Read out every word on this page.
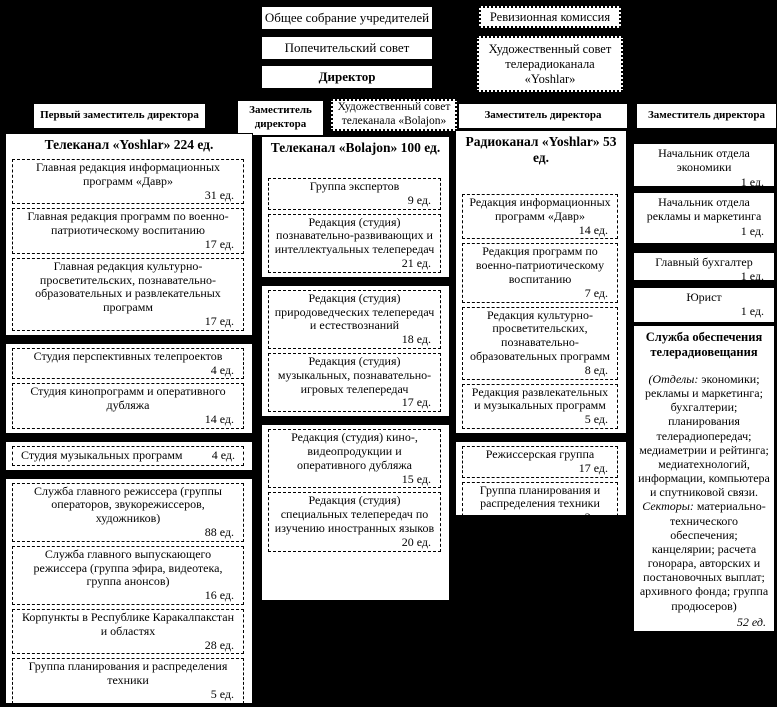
Общее собрание учредителей	Ревизионная комиссия
Попечительский совет	Художественный совет телерадиоканала «Yoshlar»
Директор
Первый заместитель директора	Заместитель директора
Художественный совет телеканала «Bolajon»	Заместитель директора	Заместитель директора
Телеканал «Yoshlar» 224 ед.
Главная редакция информационных программ «Давр»
31 ед.
Главная редакция программ по военно-патриотическому воспитанию
17 ед.
Главная редакция культурно-просветительских, познавательно-образовательных и развлекательных программ
17 ед.
Студия перспективных телепроектов
4 ед.
Студия кинопрограмм и оперативного дубляжа
14 ед.
Студия музыкальных программ 4 ед.
Служба главного режиссера (группы операторов, звукорежиссеров, художников)
88 ед.
Служба главного выпускающего режиссера (группа эфира, видеотека, группа анонсов)
16 ед.
Корпункты в Республике Каракалпакстан и областях
28 ед.
Группа планирования и распределения техники
5 ед.
Телеканал «Bolajon» 100 ед.
Группа экспертов
9 ед.
Редакция (студия) познавательно-развивающих и интеллектуальных телепередач
21 ед.
Редакция (студия) природоведческих телепередач и естествознаний
18 ед.
Редакция (студия) музыкальных, познавательно-игровых телепередач
17 ед.
Редакция (студия) кино-, видеопродукции и оперативного дубляжа
15 ед.
Редакция (студия) специальных телепередач по изучению иностранных языков
20 ед.
Радиоканал «Yoshlar» 53 ед.
Редакция информационных программ «Давр»
14 ед.
Редакция программ по военно-патриотическому воспитанию
7 ед.
Редакция культурно-просветительских, познавательно-образовательных программ
8 ед.
Редакция развлекательных и музыкальных программ
5 ед.
Режиссерская группа
17 ед.
Группа планирования и распределения техники
2 ед.
Начальник отдела экономики
1 ед.
Начальник отдела рекламы и маркетинга
1 ед.
Главный бухгалтер
1 ед.
Юрист
1 ед.
Служба обеспечения телерадиовещания
(Отделы: экономики; рекламы и маркетинга; бухгалтерии; планирования телерадиопередач; медиаметрии и рейтинга; медиатехнологий, информации, компьютера и спутниковой связи. Секторы: материально-технического обеспечения; канцелярии; расчета гонорара, авторских и постановочных выплат; архивного фонда; группа продюсеров)
52 ед.
